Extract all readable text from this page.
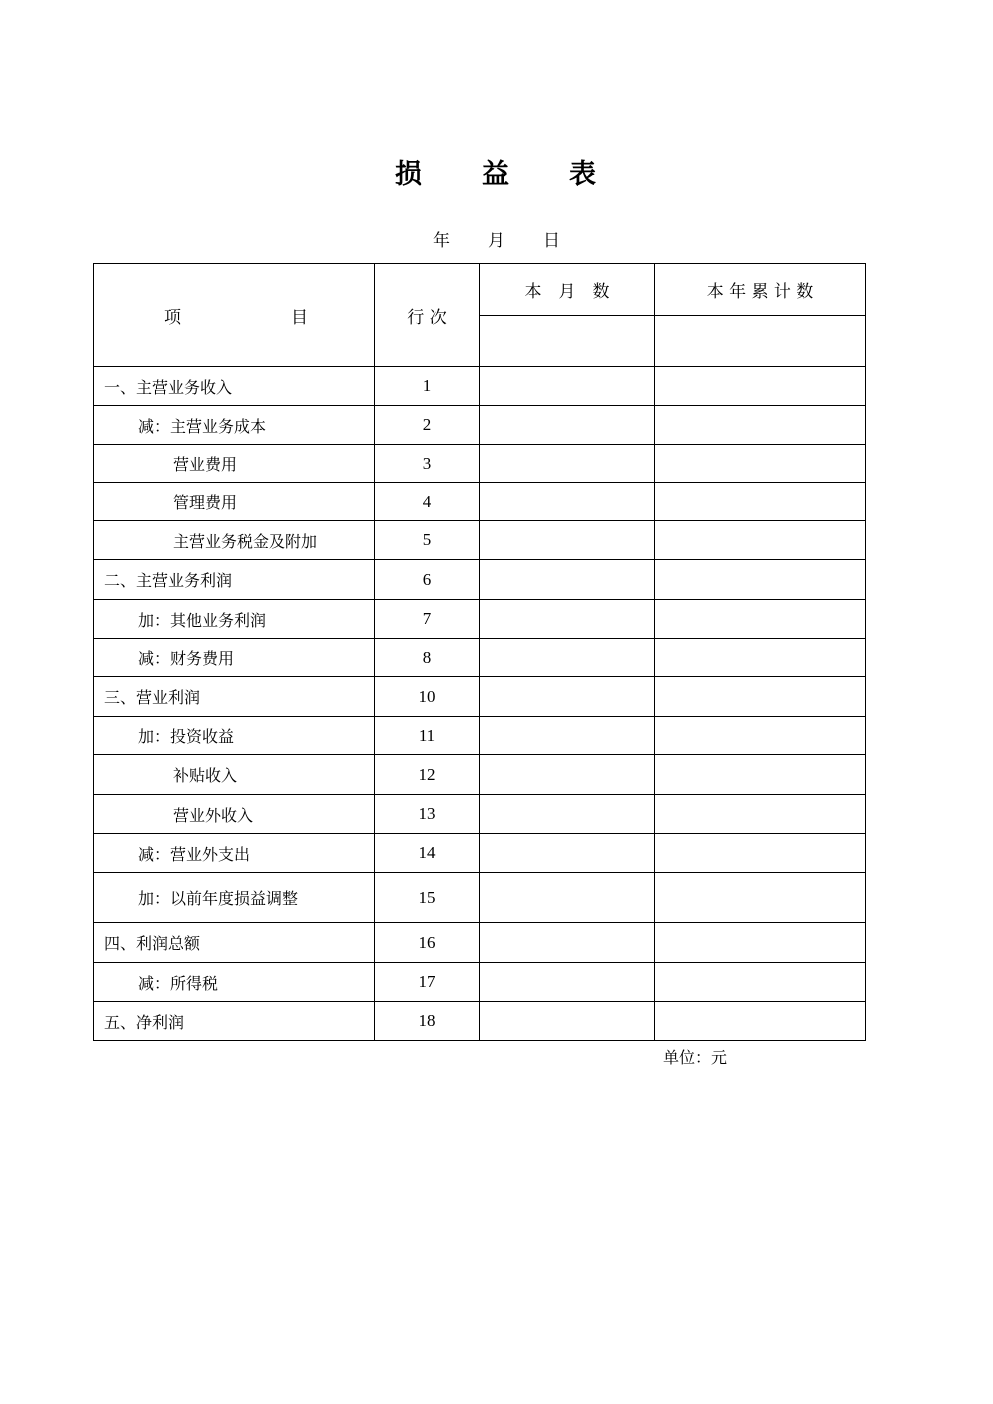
损　　益　　表
年 月 日
项 目	行 次	本　月　数	本 年 累 计 数

一、主营业务收入	1		
减：主营业务成本	2		
营业费用	3		
管理费用	4		
主营业务税金及附加	5		
二、主营业务利润	6		
加：其他业务利润	7		
减：财务费用	8		
三、营业利润	10		
加：投资收益	11		
补贴收入	12		
营业外收入	13		
减：营业外支出	14		
加：以前年度损益调整	15		
四、利润总额	16		
减：所得税	17		
五、净利润	18		
单位：元
